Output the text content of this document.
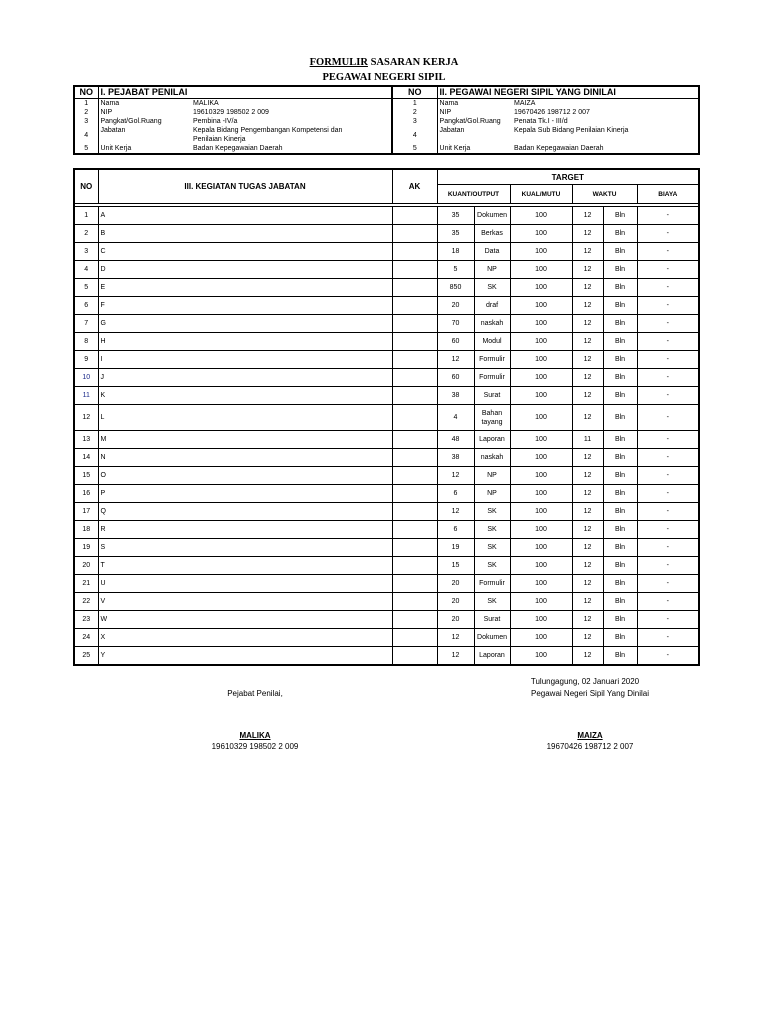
FORMULIR SASARAN KERJA
PEGAWAI NEGERI SIPIL
NO	I. PEJABAT PENILAI			NO	II. PEGAWAI NEGERI SIPIL YANG DINILAI	
1	Nama	MALIKA		1	Nama	MAIZA
2	NIP	19610329 198502 2 009		2	NIP	19670426 198712 2 007
3	Pangkat/Gol.Ruang	Pembina -IV/a		3	Pangkat/Gol.Ruang	Penata Tk.I - III/d
4	Jabatan	Kepala Bidang Pengembangan Kompetensi dan Penilaian Kinerja		4	Jabatan	Kepala Sub Bidang Penilaian Kinerja
5	Unit Kerja	Badan Kepegawaian Daerah		5	Unit Kerja	Badan Kepegawaian Daerah
NO	III. KEGIATAN TUGAS JABATAN	AK	TARGET					
			KUANT/OUTPUT		KUAL/MUTU	WAKTU		BIAYA

1	A		35	Dokumen	100	12	Bln	-
2	B		35	Berkas	100	12	Bln	-
3	C		18	Data	100	12	Bln	-
4	D		5	NP	100	12	Bln	-
5	E		850	SK	100	12	Bln	-
6	F		20	draf	100	12	Bln	-
7	G		70	naskah	100	12	Bln	-
8	H		60	Modul	100	12	Bln	-
9	I		12	Formulir	100	12	Bln	-
10	J		60	Formulir	100	12	Bln	-
11	K		38	Surat	100	12	Bln	-
12	L		4	Bahan tayang	100	12	Bln	-
13	M		48	Laporan	100	11	Bln	-
14	N		38	naskah	100	12	Bln	-
15	O		12	NP	100	12	Bln	-
16	P		6	NP	100	12	Bln	-
17	Q		12	SK	100	12	Bln	-
18	R		6	SK	100	12	Bln	-
19	S		19	SK	100	12	Bln	-
20	T		15	SK	100	12	Bln	-
21	U		20	Formulir	100	12	Bln	-
22	V		20	SK	100	12	Bln	-
23	W		20	Surat	100	12	Bln	-
24	X		12	Dokumen	100	12	Bln	-
25	Y		12	Laporan	100	12	Bln	-
Tulungagung, 02 Januari 2020
Pejabat Penilai,	Pegawai Negeri Sipil Yang Dinilai
MALIKA
19610329 198502 2 009
MAIZA
19670426 198712 2 007
